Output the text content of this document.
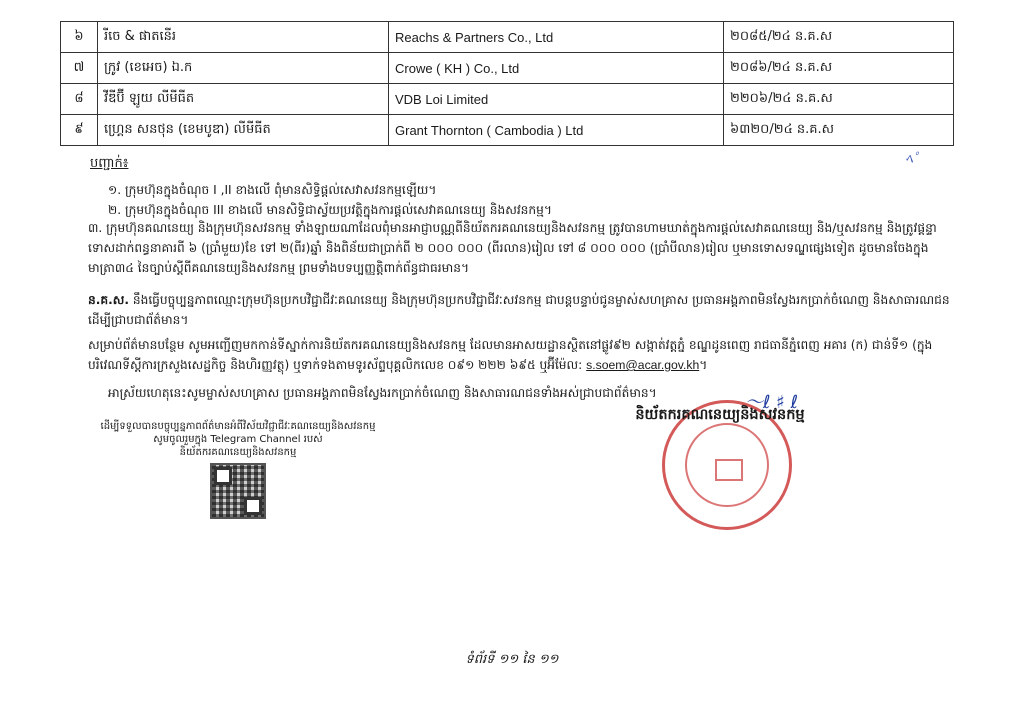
៦	រីចេ & ផាតនើរ	Reachs & Partners Co., Ltd	២០៨៥/២៤ ន.គ.ស
៧	ក្រូវ (ខេអេច) ឯ.ក	Crowe ( KH ) Co., Ltd	២០៨៦/២៤ ន.គ.ស
៨	វីឌីប៊ី ឡូយ លីមីធីត	VDB Loi Limited	២២០៦/២៤ ន.គ.ស
៩	ហ្គ្រេន សនថុន (ខេមបូឌា) លីមីធីត	Grant Thornton ( Cambodia ) Ltd	៦៣២០/២៤ ន.គ.ស
បញ្ជាក់៖	ﾍﾟ
១. ក្រុមហ៊ុនក្នុងចំណុច I ,II ខាងលើ ពុំមានសិទ្ធិផ្តល់សេវាសវនកម្មឡើយ។
២. ក្រុមហ៊ុនក្នុងចំណុច III ខាងលើ មានសិទ្ធិជាស្វ័យប្រវត្តិក្នុងការផ្តល់សេវាគណនេយ្យ និងសវនកម្ម។
៣. ក្រុមហ៊ុនគណនេយ្យ និងក្រុមហ៊ុនសវនកម្ម ទាំងឡាយណាដែលពុំមានអាជ្ញាបណ្ណពីនិយ័តករគណនេយ្យនិងសវនកម្ម ត្រូវបានហាមឃាត់ក្នុងការផ្តល់សេវាគណនេយ្យ និង/ឬសវនកម្ម និងត្រូវផ្តន្ទាទោសដាក់ពន្ធនាគារពី ៦ (ប្រាំមួយ)ខែ ទៅ ២(ពីរ)ឆ្នាំ និងពិន័យជាប្រាក់ពី ២ ០០០ ០០០ (ពីរលាន)រៀល ទៅ ៨ ០០០ ០០០ (ប្រាំបីលាន)រៀល ឬមានទោសទណ្ឌផ្សេងទៀត ដូចមានចែងក្នុងមាត្រា៣៤ នៃច្បាប់ស្តីពីគណនេយ្យនិងសវនកម្ម ព្រមទាំងបទប្បញ្ញត្តិពាក់ព័ន្ធជាធរមាន។
ន.គ.ស. នឹងធ្វើបច្ចុប្បន្នភាពឈ្មោះក្រុមហ៊ុនប្រកបវិជ្ជាជីវៈគណនេយ្យ និងក្រុមហ៊ុនប្រកបវិជ្ជាជីវៈសវនកម្ម ជាបន្តបន្ទាប់ជូនម្ចាស់សហគ្រាស ប្រធានអង្គភាពមិនស្វែងរកប្រាក់ចំណេញ និងសាធារណជន ដើម្បីជ្រាបជាព័ត៌មាន។
សម្រាប់ព័ត៌មានបន្ថែម សូមអញ្ជើញមកកាន់ទីស្នាក់ការនិយ័តករគណនេយ្យនិងសវនកម្ម ដែលមានអាសយដ្ឋានស្ថិតនៅផ្លូវ៩២ សង្កាត់វត្តភ្នំ ខណ្ឌដូនពេញ រាជធានីភ្នំពេញ អគារ (ក) ជាន់ទី១ (ក្នុងបរិវេណទីស្តីការក្រសួងសេដ្ឋកិច្ច និងហិរញ្ញវត្ថុ) ឬទាក់ទងតាមទូរស័ព្ទបុគ្គលិកលេខ ០៩១ ២២២ ៦៩៥ ឬអ៊ីម៉ែល: s.soem@acar.gov.kh។
អាស្រ័យហេតុនេះសូមម្ចាស់សហគ្រាស ប្រធានអង្គភាពមិនស្វែងរកប្រាក់ចំណេញ និងសាធារណជនទាំងអស់ជ្រាបជាព័ត៌មាន។
ដើម្បីទទួលបានបច្ចុប្បន្នភាពព័ត៌មានអំពីវិស័យវិជ្ជាជីវៈគណនេយ្យនិងសវនកម្ម
សូមចូលរួមក្នុង Telegram Channel របស់
និយ័តករគណនេយ្យនិងសវនកម្ម
〜ℓ ♯ ℓ
និយ័តករគណនេយ្យនិងសវនកម្ម
ទំព័រទី ១១ នៃ ១១
